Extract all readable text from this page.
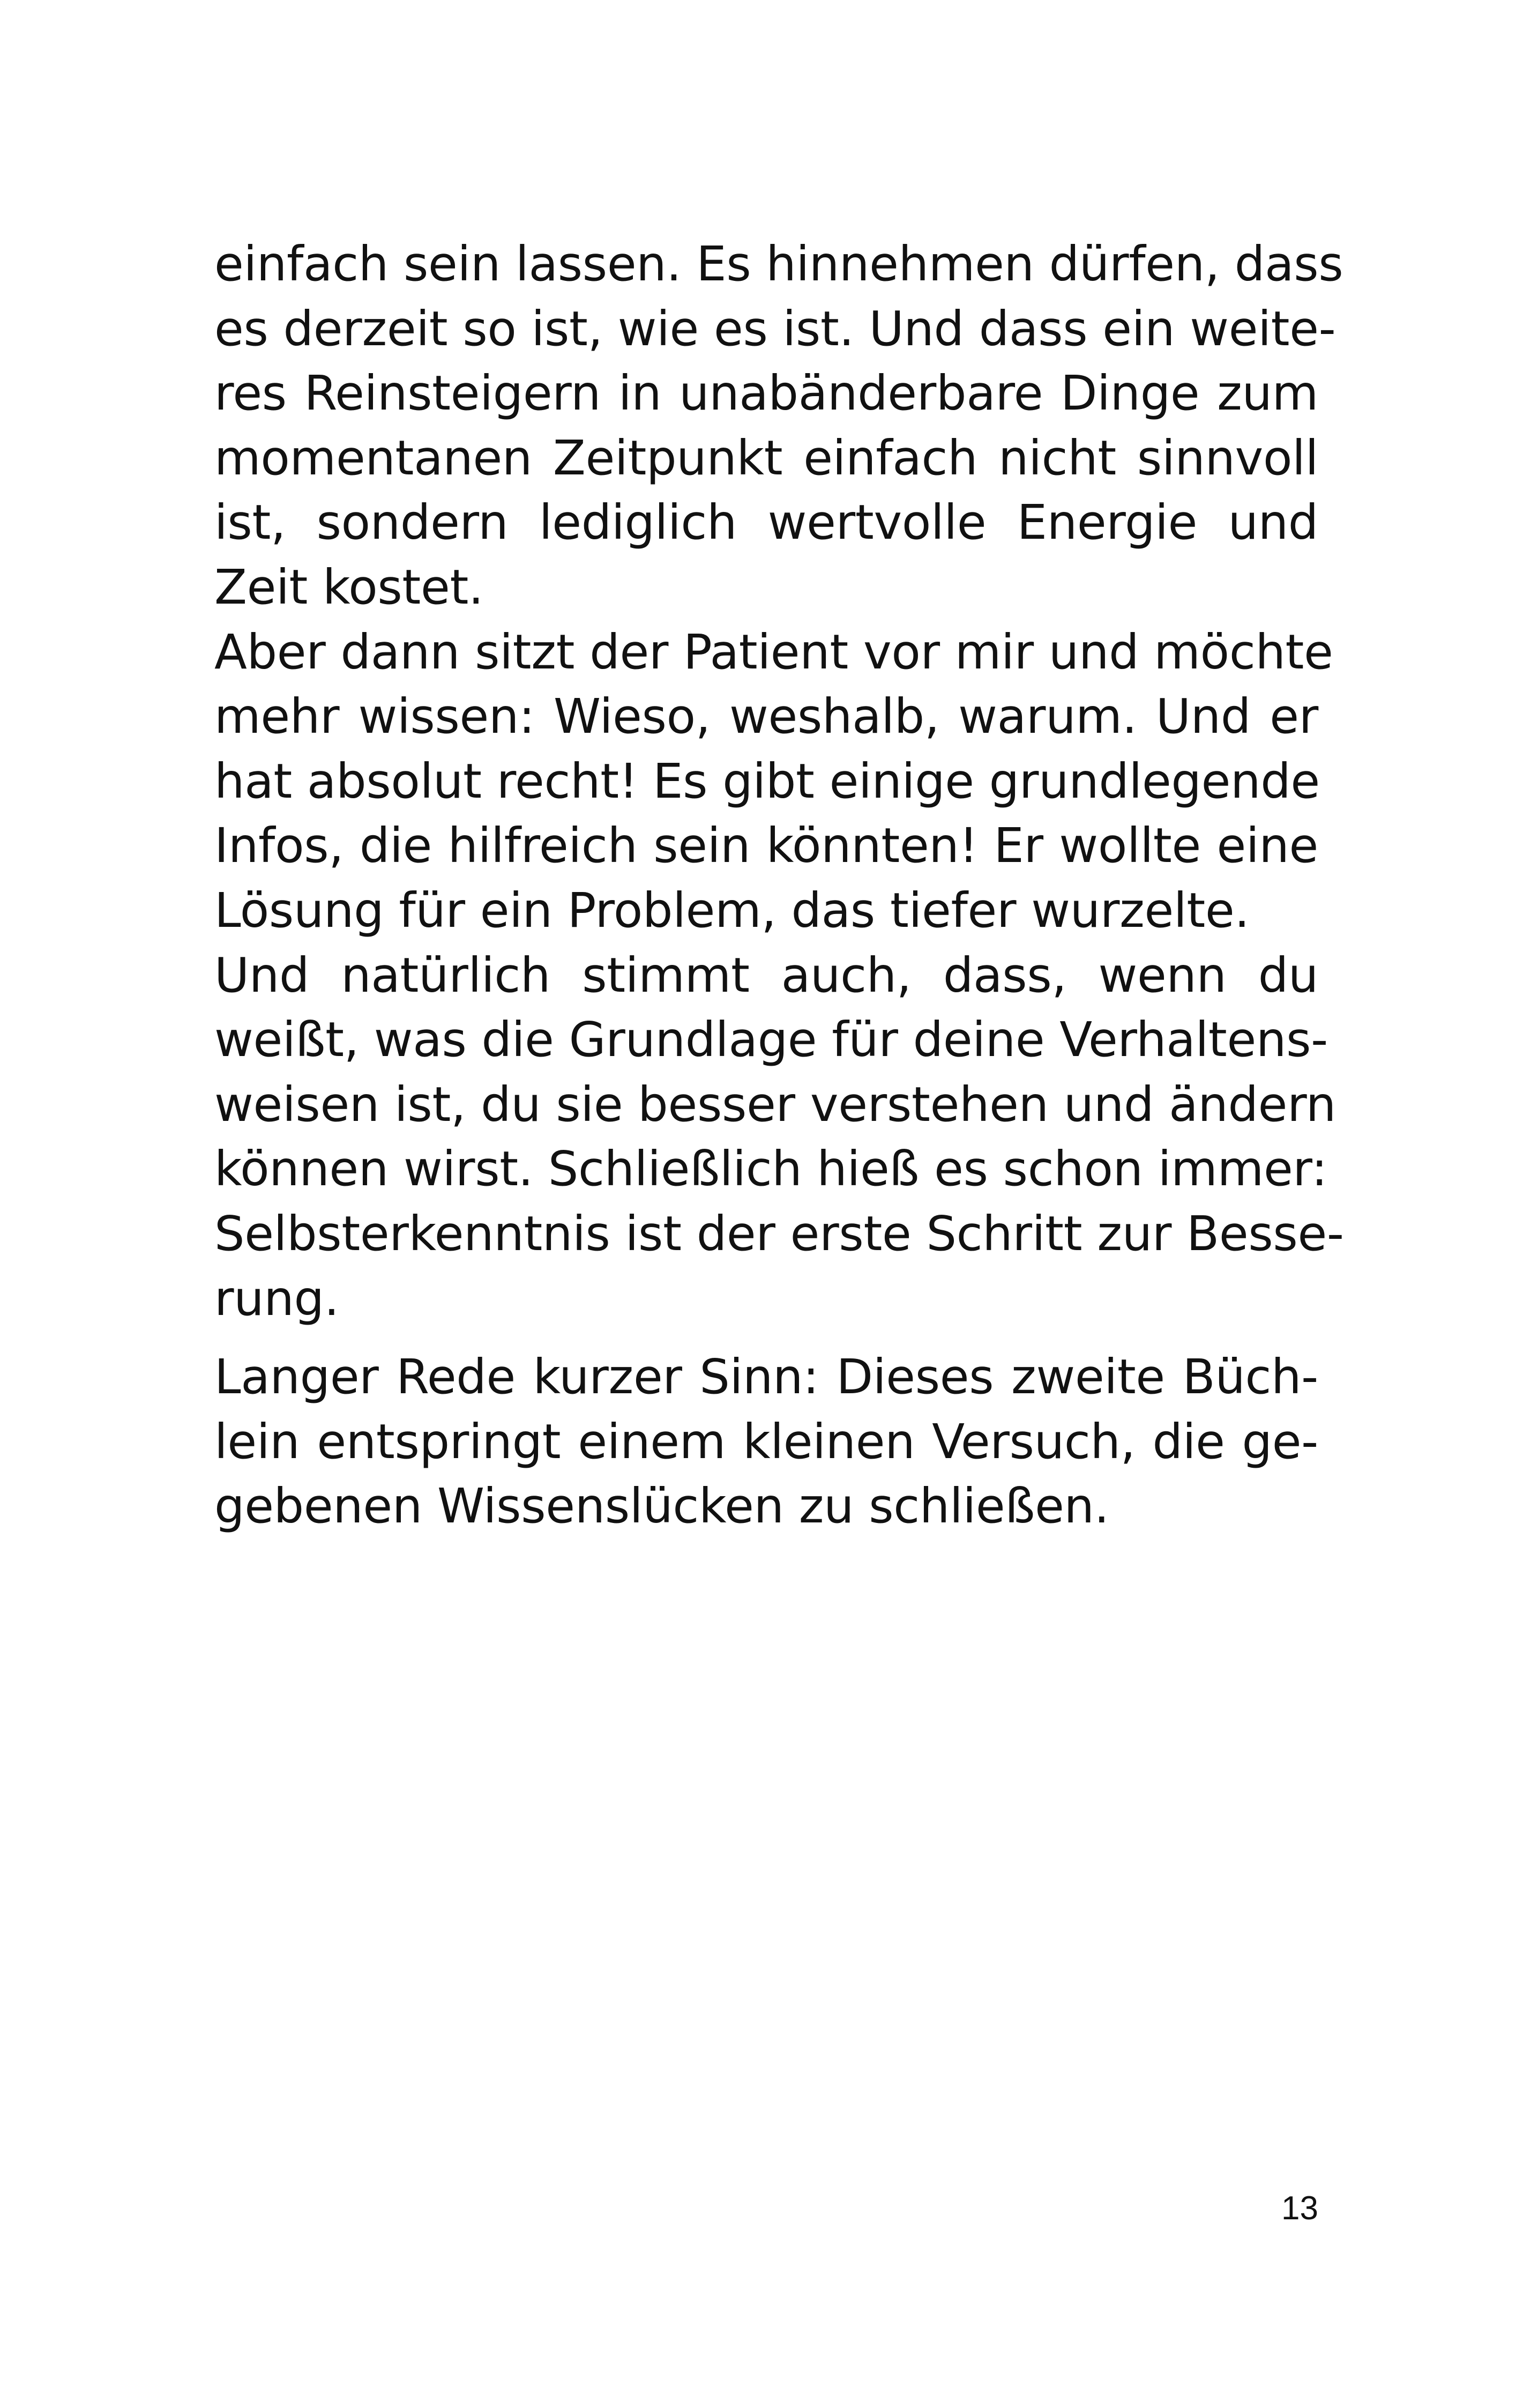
einfach sein lassen. Es hinnehmen dürfen, dass
es derzeit so ist, wie es ist. Und dass ein weite-
res Reinsteigern in unabänderbare Dinge zum
momentanen Zeitpunkt einfach nicht sinnvoll
ist, sondern lediglich wertvolle Energie und
Zeit kostet.
Aber dann sitzt der Patient vor mir und möchte
mehr wissen: Wieso, weshalb, warum. Und er
hat absolut recht! Es gibt einige grundlegende
Infos, die hilfreich sein könnten! Er wollte eine
Lösung für ein Problem, das tiefer wurzelte.
Und natürlich stimmt auch, dass, wenn du
weißt, was die Grundlage für deine Verhaltens-
weisen ist, du sie besser verstehen und ändern
können wirst. Schließlich hieß es schon immer:
Selbsterkenntnis ist der erste Schritt zur Besse-
rung.
Langer Rede kurzer Sinn: Dieses zweite Büch-
lein entspringt einem kleinen Versuch, die ge-
gebenen Wissenslücken zu schließen.
13
